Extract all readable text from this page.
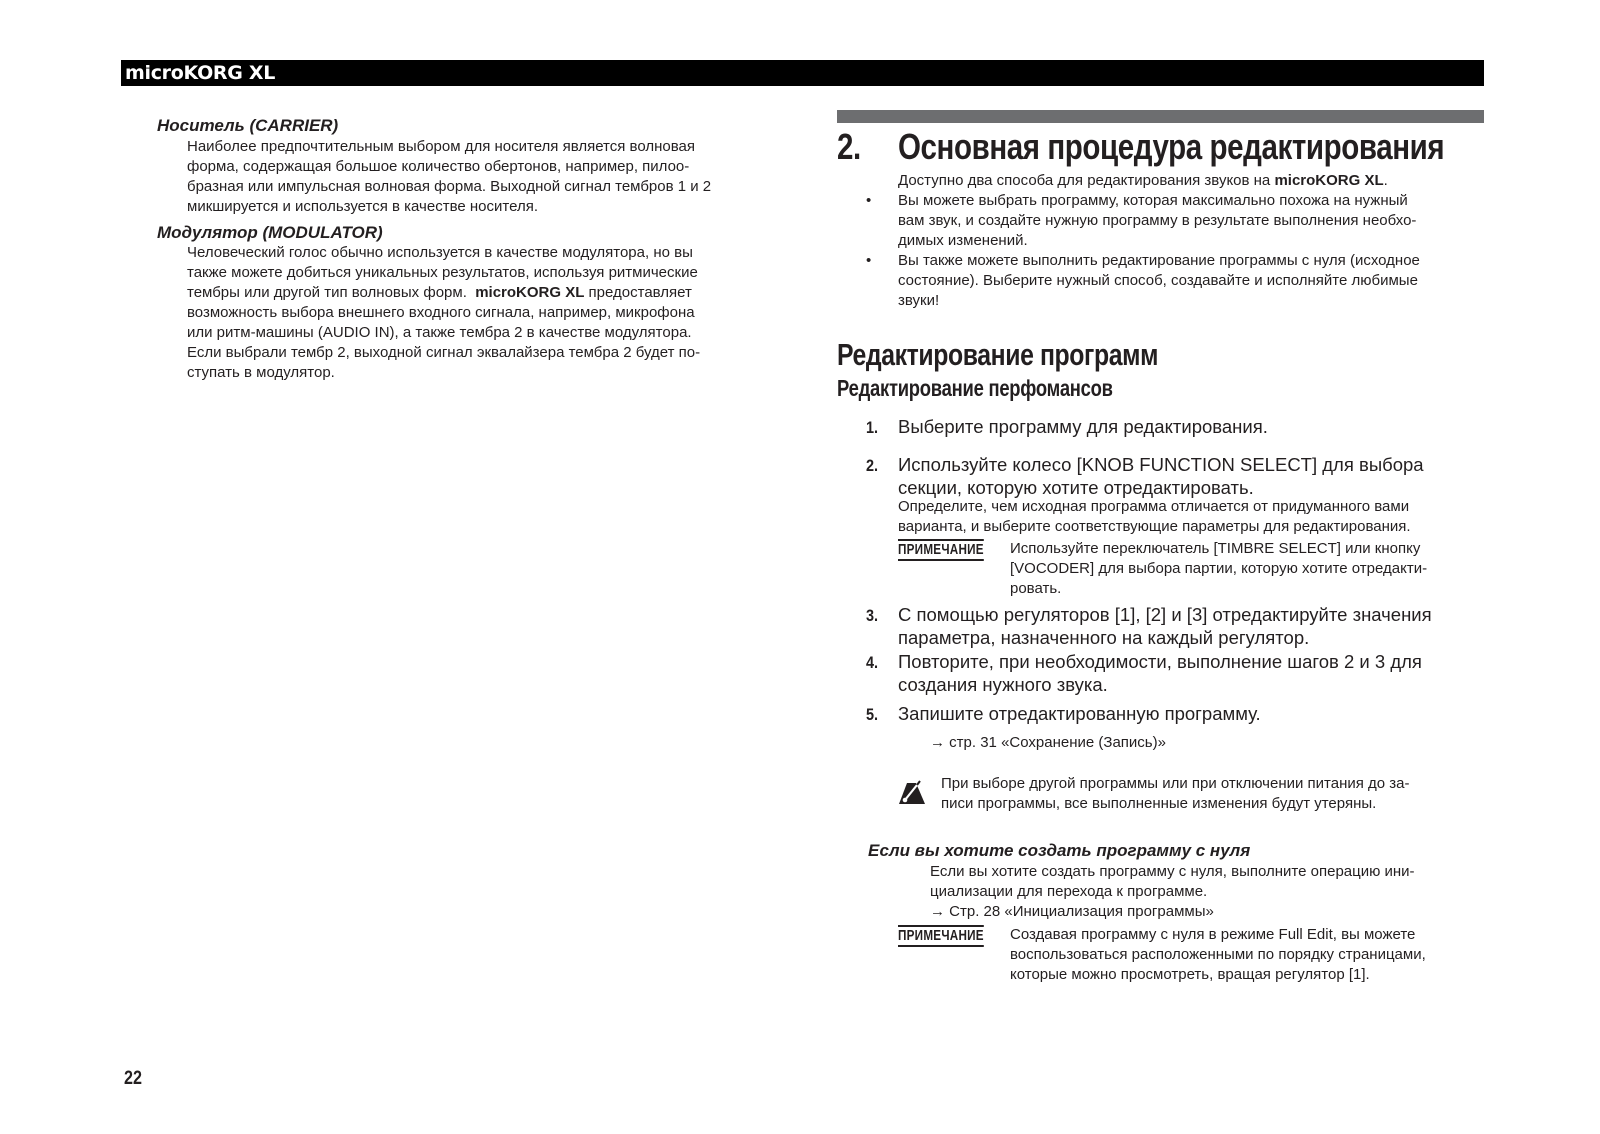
microKORG XL
Носитель (CARRIER)
Наиболее предпочтительным выбором для носителя является волновая
форма, содержащая большое количество обертонов, например, пилоо-
бразная или импульсная волновая форма. Выходной сигнал тембров 1 и 2
микшируется и используется в качестве носителя.
Модулятор (MODULATOR)
Человеческий голос обычно используется в качестве модулятора, но вы
также можете добиться уникальных результатов, используя ритмические
тембры или другой тип волновых форм.  microKORG XL предоставляет
возможность выбора внешнего входного сигнала, например, микрофона
или ритм-машины (AUDIO IN), а также тембра 2 в качестве модулятора.
Если выбрали тембр 2, выходной сигнал эквалайзера тембра 2 будет по-
ступать в модулятор.
2. Основная процедура редактирования
Доступно два способа для редактирования звуков на microKORG XL.
• Вы можете выбрать программу, которая максимально похожа на нужный
вам звук, и создайте нужную программу в результате выполнения необхо-
димых изменений.
• Вы также можете выполнить редактирование программы с нуля (исходное
состояние). Выберите нужный способ, создавайте и исполняйте любимые
звуки!
Редактирование программ
Редактирование перфомансов
1. Выберите программу для редактирования.
2. Используйте колесо [KNOB FUNCTION SELECT] для выбора
секции, которую хотите отредактировать.
Определите, чем исходная программа отличается от придуманного вами
варианта, и выберите соответствующие параметры для редактирования.
ПРИМЕЧАНИЕ	Используйте переключатель [TIMBRE SELECT] или кнопку
[VOCODER] для выбора партии, которую хотите отредакти-
ровать.
3. С помощью регуляторов [1], [2] и [3] отредактируйте значения
параметра, назначенного на каждый регулятор.
4. Повторите, при необходимости, выполнение шагов 2 и 3 для
создания нужного звука.
5. Запишите отредактированную программу.
→ стр. 31 «Сохранение (Запись)»
При выборе другой программы или при отключении питания до за-
писи программы, все выполненные изменения будут утеряны.
Если вы хотите создать программу с нуля
Если вы хотите создать программу с нуля, выполните операцию ини-
циализации для перехода к программе.
→ Стр. 28 «Инициализация программы»
ПРИМЕЧАНИЕ	Создавая программу с нуля в режиме Full Edit, вы можете
воспользоваться расположенными по порядку страницами,
которые можно просмотреть, вращая регулятор [1].
22
